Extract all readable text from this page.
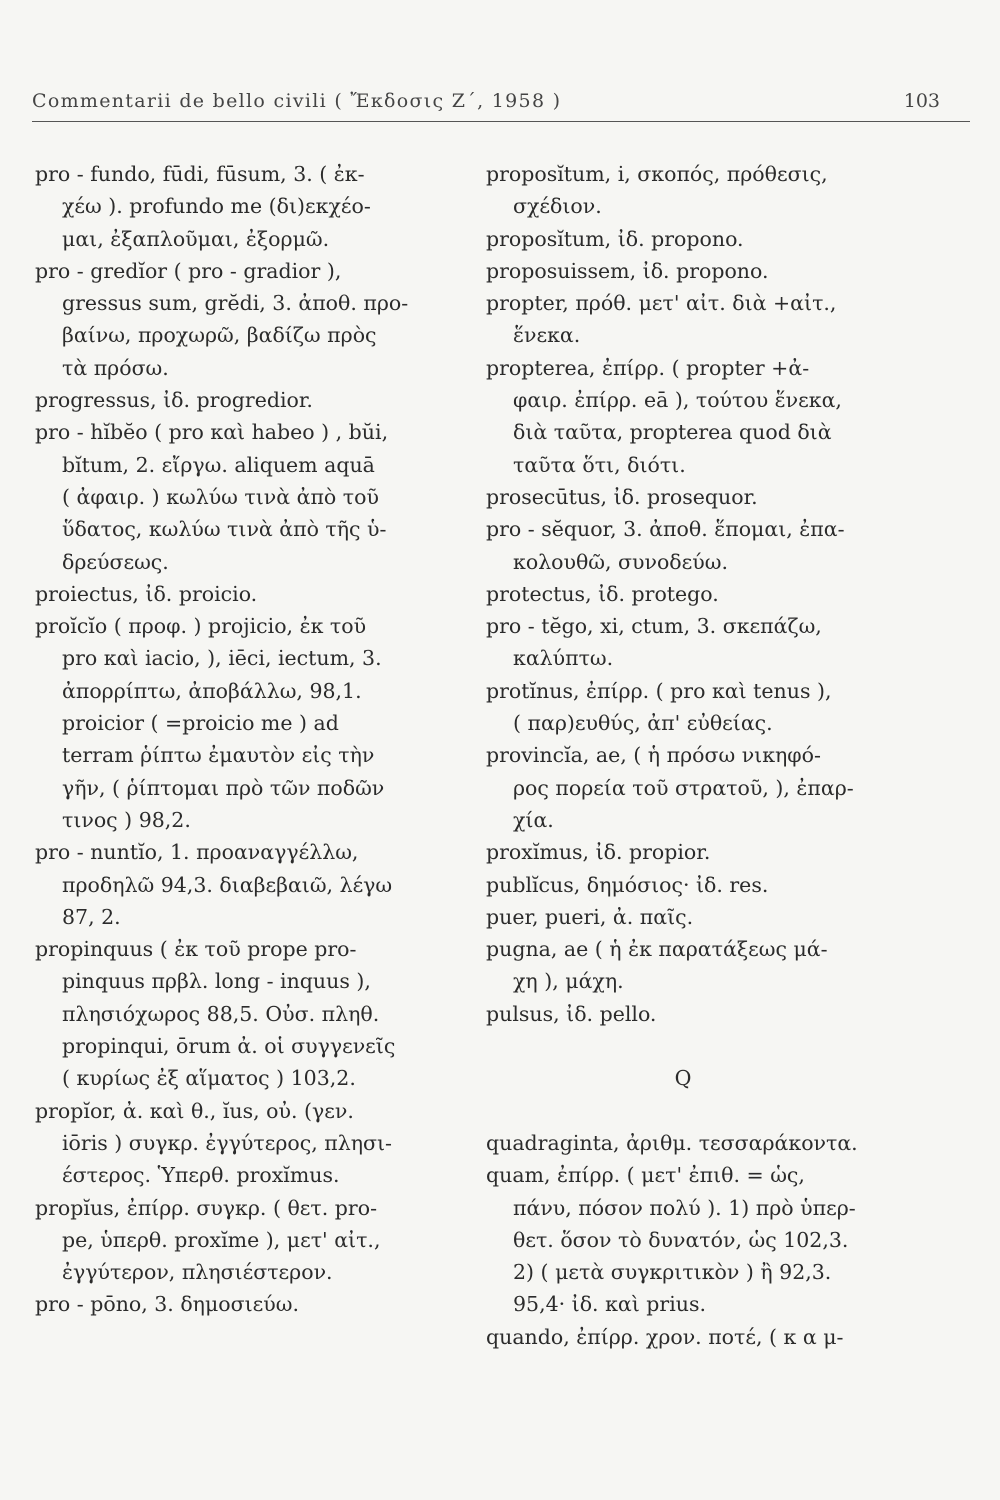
Commentarii de bello civili ( Ἔκδοσις Ζ΄, 1958 )	103
pro - fundo, fūdi, fūsum, 3. ( ἐκ-
χέω ). profundo me (δι)εκχέο-
μαι, ἐξαπλοῦμαι, ἐξορμῶ.
pro - gredĭor ( pro - gradior ),
gressus sum, grĕdi, 3. ἀποθ. προ-
βαίνω, προχωρῶ, βαδίζω πρὸς
τὰ πρόσω.
progressus, ἰδ. progredior.
pro - hĭbĕo ( pro καὶ habeo ) , bŭi,
bĭtum, 2. εἴργω. aliquem aquā
( ἀφαιρ. ) κωλύω τινὰ ἀπὸ τοῦ
ὕδατος, κωλύω τινὰ ἀπὸ τῆς ὑ-
δρεύσεως.
proiectus, ἰδ. proicio.
proĭcĭo ( προφ. ) projicio, ἐκ τοῦ
pro καὶ iacio, ), iēci, iectum, 3.
ἀπορρίπτω, ἀποβάλλω, 98,1.
proicior ( =proicio me ) ad
terram ῥίπτω ἐμαυτὸν εἰς τὴν
γῆν, ( ῥίπτομαι πρὸ τῶν ποδῶν
τινος ) 98,2.
pro - nuntĭo, 1. προαναγγέλλω,
προδηλῶ 94,3. διαβεβαιῶ, λέγω
87, 2.
propinquus ( ἐκ τοῦ prope pro-
pinquus πρβλ. long - inquus ),
πλησιόχωρος 88,5. Οὐσ. πληθ.
propinqui, ōrum ἀ. οἱ συγγενεῖς
( κυρίως ἐξ αἵματος ) 103,2.
propĭor, ἀ. καὶ θ., ĭus, οὐ. (γεν.
iōris ) συγκρ. ἐγγύτερος, πλησι-
έστερος. Ὑπερθ. proxĭmus.
propĭus, ἐπίρρ. συγκρ. ( θετ. pro-
pe, ὑπερθ. proxĭme ), μετ' αἰτ.,
ἐγγύτερον, πλησιέστερον.
pro - pōno, 3. δημοσιεύω.
proposĭtum, i, σκοπός, πρόθεσις,
σχέδιον.
proposĭtum, ἰδ. propono.
proposuissem, ἰδ. propono.
propter, πρόθ. μετ' αἰτ. διὰ +αἰτ.,
ἕνεκα.
propterea, ἐπίρρ. ( propter +ἀ-
φαιρ. ἐπίρρ. eā ), τούτου ἕνεκα,
διὰ ταῦτα, propterea quod διὰ
ταῦτα ὅτι, διότι.
prosecūtus, ἰδ. prosequor.
pro - sĕquor, 3. ἀποθ. ἕπομαι, ἐπα-
κολουθῶ, συνοδεύω.
protectus, ἰδ. protego.
pro - tĕgo, xi, ctum, 3. σκεπάζω,
καλύπτω.
protĭnus, ἐπίρρ. ( pro καὶ tenus ),
( παρ)ευθύς, ἀπ' εὐθείας.
provincĭa, ae, ( ἡ πρόσω νικηφό-
ρος πορεία τοῦ στρατοῦ, ), ἐπαρ-
χία.
proxĭmus, ἰδ. propior.
publĭcus, δημόσιος· ἰδ. res.
puer, pueri, ἀ. παῖς.
pugna, ae ( ἡ ἐκ παρατάξεως μά-
χη ), μάχη.
pulsus, ἰδ. pello.
Q
quadraginta, ἀριθμ. τεσσαράκοντα.
quam, ἐπίρρ. ( μετ' ἐπιθ. = ὡς,
πάνυ, πόσον πολύ ). 1) πρὸ ὑπερ-
θετ. ὅσον τὸ δυνατόν, ὡς 102,3.
2) ( μετὰ συγκριτικὸν ) ἢ 92,3.
95,4· ἰδ. καὶ prius.
quando, ἐπίρρ. χρον. ποτέ, ( κ α μ-
